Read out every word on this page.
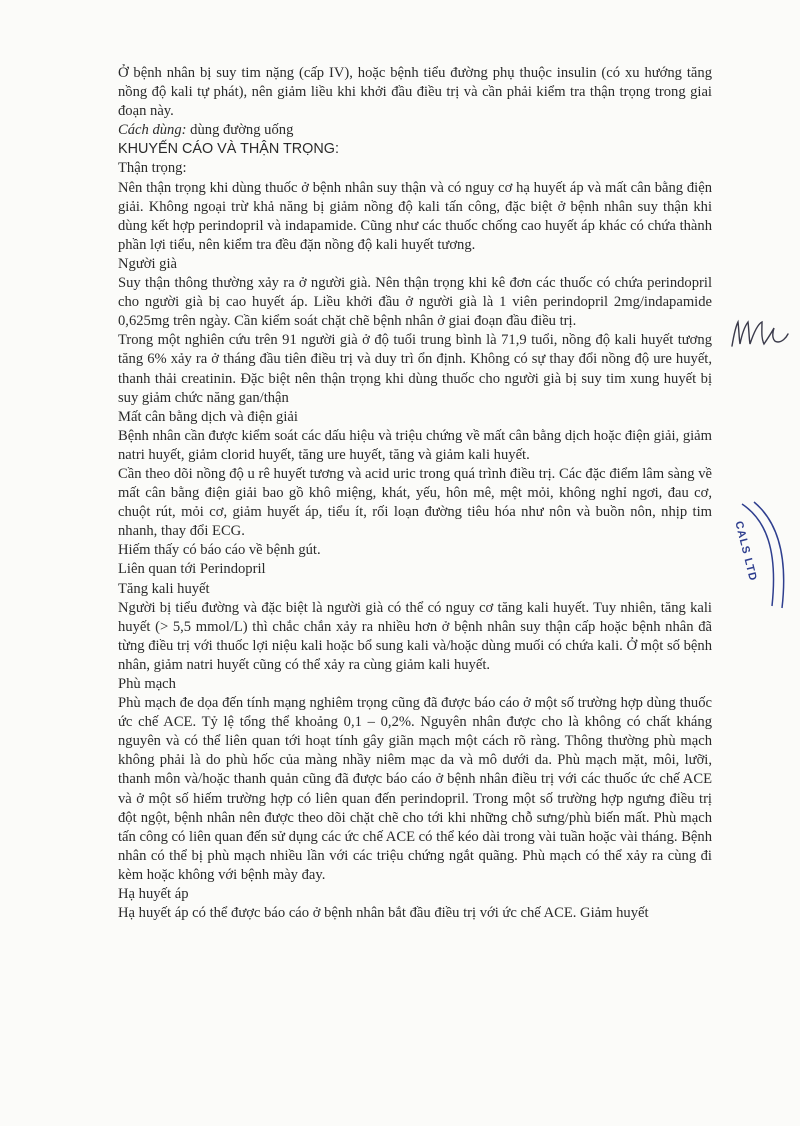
Ở bệnh nhân bị suy tim nặng (cấp IV), hoặc bệnh tiểu đường phụ thuộc insulin (có xu hướng tăng nồng độ kali tự phát), nên giảm liều khi khởi đầu điều trị và cần phải kiểm tra thận trọng trong giai đoạn này.

Cách dùng: dùng đường uống

KHUYẾN CÁO VÀ THẬN TRỌNG:

Thận trọng:

Nên thận trọng khi dùng thuốc ở bệnh nhân suy thận và có nguy cơ hạ huyết áp và mất cân bằng điện giải. Không ngoại trừ khả năng bị giảm nồng độ kali tấn công, đặc biệt ở bệnh nhân suy thận khi dùng kết hợp perindopril và indapamide. Cũng như các thuốc chống cao huyết áp khác có chứa thành phần lợi tiểu, nên kiểm tra đều đặn nồng độ kali huyết tương.

Người già

Suy thận thông thường xảy ra ở người già. Nên thận trọng khi kê đơn các thuốc có chứa perindopril cho người già bị cao huyết áp. Liều khởi đầu ở người già là 1 viên perindopril 2mg/indapamide 0,625mg trên ngày. Cần kiểm soát chặt chẽ bệnh nhân ở giai đoạn đầu điều trị.

Trong một nghiên cứu trên 91 người già ở độ tuổi trung bình là 71,9 tuổi, nồng độ kali huyết tương tăng 6% xảy ra ở tháng đầu tiên điều trị và duy trì ổn định. Không có sự thay đổi nồng độ ure huyết, thanh thải creatinin. Đặc biệt nên thận trọng khi dùng thuốc cho người già bị suy tim xung huyết bị suy giảm chức năng gan/thận

Mất cân bằng dịch và điện giải

Bệnh nhân cần được kiểm soát các dấu hiệu và triệu chứng về mất cân bằng dịch hoặc điện giải, giảm natri huyết, giảm clorid huyết, tăng ure huyết, tăng và giảm kali huyết.

Cần theo dõi nồng độ u rê huyết tương và acid uric trong quá trình điều trị. Các đặc điểm lâm sàng về mất cân bằng điện giải bao gồ khô miệng, khát, yếu, hôn mê, mệt mỏi, không nghỉ ngơi, đau cơ, chuột rút, mỏi cơ, giảm huyết áp, tiểu ít, rối loạn đường tiêu hóa như nôn và buồn nôn, nhịp tim nhanh, thay đổi ECG.

Hiếm thấy có báo cáo về bệnh gút.

Liên quan tới Perindopril

Tăng kali huyết

Người bị tiểu đường và đặc biệt là người già có thể có nguy cơ tăng kali huyết. Tuy nhiên, tăng kali huyết (> 5,5 mmol/L) thì chắc chắn xảy ra nhiều hơn ở bệnh nhân suy thận cấp hoặc bệnh nhân đã từng điều trị với thuốc lợi niệu kali hoặc bổ sung kali và/hoặc dùng muối có chứa kali. Ở một số bệnh nhân, giảm natri huyết cũng có thể xảy ra cùng giảm kali huyết.

Phù mạch

Phù mạch đe dọa đến tính mạng nghiêm trọng cũng đã được báo cáo ở một số trường hợp dùng thuốc ức chế ACE. Tỷ lệ tổng thể khoảng 0,1 – 0,2%. Nguyên nhân được cho là không có chất kháng nguyên và có thể liên quan tới hoạt tính gây giãn mạch một cách rõ ràng. Thông thường phù mạch không phải là do phù hốc của màng nhầy niêm mạc da và mô dưới da. Phù mạch mặt, môi, lưỡi, thanh môn và/hoặc thanh quản cũng đã được báo cáo ở bệnh nhân điều trị với các thuốc ức chế ACE và ở một số hiếm trường hợp có liên quan đến perindopril. Trong một số trường hợp ngưng điều trị đột ngột, bệnh nhân nên được theo dõi chặt chẽ cho tới khi những chỗ sưng/phù biến mất. Phù mạch tấn công có liên quan đến sử dụng các ức chế ACE có thể kéo dài trong vài tuần hoặc vài tháng. Bệnh nhân có thể bị phù mạch nhiều lần với các triệu chứng ngắt quãng. Phù mạch có thể xảy ra cùng đi kèm hoặc không với bệnh mày đay.

Hạ huyết áp

Hạ huyết áp có thể được báo cáo ở bệnh nhân bắt đầu điều trị với ức chế ACE. Giảm huyết

CALS LTD
